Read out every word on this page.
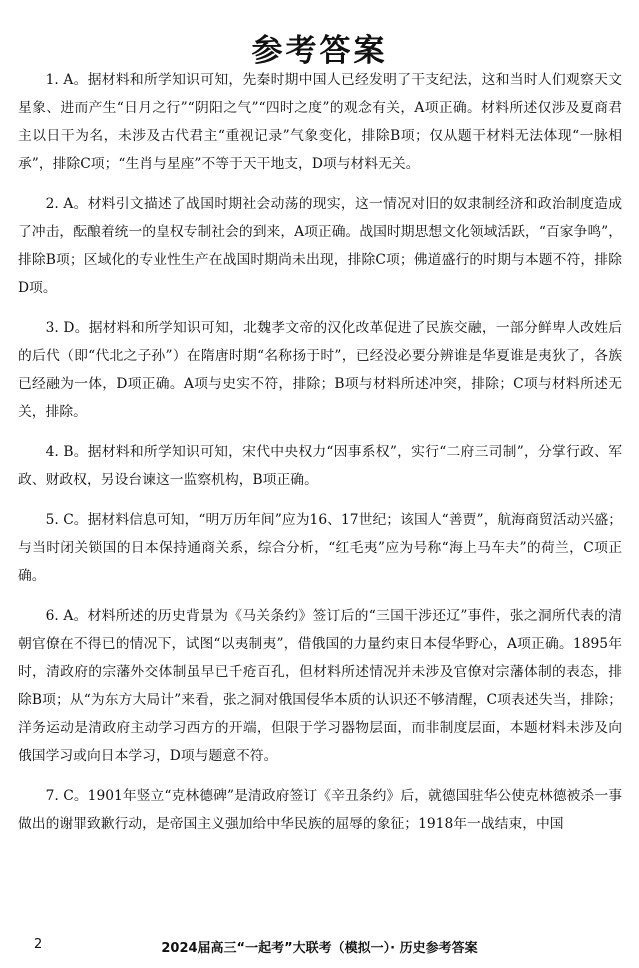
参考答案

1. A。据材料和所学知识可知，先秦时期中国人已经发明了干支纪法，这和当时人们观察天文星象、进而产生“日月之行”“阴阳之气”“四时之度”的观念有关，A项正确。材料所述仅涉及夏商君主以日干为名，未涉及古代君主“重视记录”气象变化，排除B项；仅从题干材料无法体现“一脉相承”，排除C项；“生肖与星座”不等于天干地支，D项与材料无关。

2. A。材料引文描述了战国时期社会动荡的现实，这一情况对旧的奴隶制经济和政治制度造成了冲击，酝酿着统一的皇权专制社会的到来，A项正确。战国时期思想文化领域活跃，“百家争鸣”，排除B项；区域化的专业性生产在战国时期尚未出现，排除C项；佛道盛行的时期与本题不符，排除D项。

3. D。据材料和所学知识可知，北魏孝文帝的汉化改革促进了民族交融，一部分鲜卑人改姓后的后代（即“代北之子孙”）在隋唐时期“名称扬于时”，已经没必要分辨谁是华夏谁是夷狄了，各族已经融为一体，D项正确。A项与史实不符，排除；B项与材料所述冲突，排除；C项与材料所述无关，排除。

4. B。据材料和所学知识可知，宋代中央权力“因事系权”，实行“二府三司制”，分掌行政、军政、财政权，另设台谏这一监察机构，B项正确。

5. C。据材料信息可知，“明万历年间”应为16、17世纪；该国人“善贾”，航海商贸活动兴盛；与当时闭关锁国的日本保持通商关系，综合分析，“红毛夷”应为号称“海上马车夫”的荷兰，C项正确。

6. A。材料所述的历史背景为《马关条约》签订后的“三国干涉还辽”事件，张之洞所代表的清朝官僚在不得已的情况下，试图“以夷制夷”，借俄国的力量约束日本侵华野心，A项正确。1895年时，清政府的宗藩外交体制虽早已千疮百孔，但材料所述情况并未涉及官僚对宗藩体制的表态，排除B项；从“为东方大局计”来看，张之洞对俄国侵华本质的认识还不够清醒，C项表述失当，排除；洋务运动是清政府主动学习西方的开端，但限于学习器物层面，而非制度层面，本题材料未涉及向俄国学习或向日本学习，D项与题意不符。

7. C。1901年竖立“克林德碑”是清政府签订《辛丑条约》后，就德国驻华公使克林德被杀一事做出的谢罪致歉行动，是帝国主义强加给中华民族的屈辱的象征；1918年一战结束，中国

2	2024届高三“一起考”大联考（模拟一）· 历史参考答案
